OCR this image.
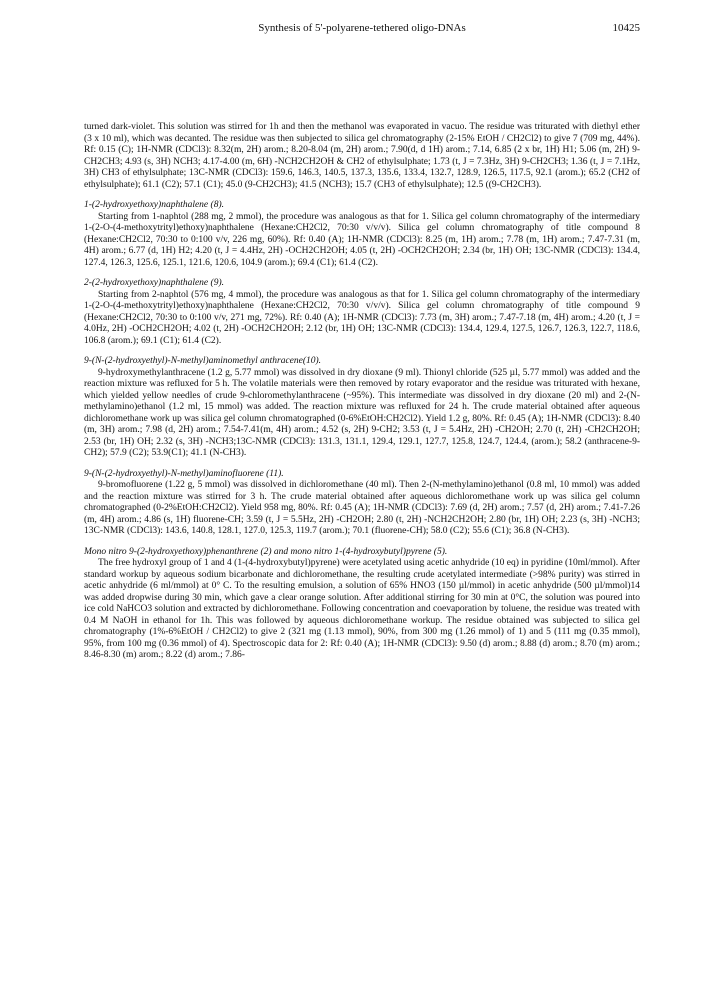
Synthesis of 5'-polyarene-tethered oligo-DNAs	10425

turned dark-violet. This solution was stirred for 1h and then the methanol was evaporated in vacuo. The residue was triturated with diethyl ether (3 x 10 ml), which was decanted. The residue was then subjected to silica gel chromatography (2-15% EtOH / CH2Cl2) to give 7 (709 mg, 44%). Rf: 0.15 (C); 1H-NMR (CDCl3): 8.32(m, 2H) arom.; 8.20-8.04 (m, 2H) arom.; 7.90(d, d 1H) arom.; 7.14, 6.85 (2 x br, 1H) H1; 5.06 (m, 2H) 9-CH2CH3; 4.93 (s, 3H) NCH3; 4.17-4.00 (m, 6H) -NCH2CH2OH & CH2 of ethylsulphate; 1.73 (t, J = 7.3Hz, 3H) 9-CH2CH3; 1.36 (t, J = 7.1Hz, 3H) CH3 of ethylsulphate; 13C-NMR (CDCl3): 159.6, 146.3, 140.5, 137.3, 135.6, 133.4, 132.7, 128.9, 126.5, 117.5, 92.1 (arom.); 65.2 (CH2 of ethylsulphate); 61.1 (C2); 57.1 (C1); 45.0 (9-CH2CH3); 41.5 (NCH3); 15.7 (CH3 of ethylsulphate); 12.5 ((9-CH2CH3).

1-(2-hydroxyethoxy)naphthalene (8).

Starting from 1-naphtol (288 mg, 2 mmol), the procedure was analogous as that for 1. Silica gel column chromatography of the intermediary 1-(2-O-(4-methoxytrityl)ethoxy)naphthalene (Hexane:CH2Cl2, 70:30 v/v/v). Silica gel column chromatography of title compound 8 (Hexane:CH2Cl2, 70:30 to 0:100 v/v, 226 mg, 60%). Rf: 0.40 (A); 1H-NMR (CDCl3): 8.25 (m, 1H) arom.; 7.78 (m, 1H) arom.; 7.47-7.31 (m, 4H) arom.; 6.77 (d, 1H) H2; 4.20 (t, J = 4.4Hz, 2H) -OCH2CH2OH; 4.05 (t, 2H) -OCH2CH2OH; 2.34 (br, 1H) OH; 13C-NMR (CDCl3): 134.4, 127.4, 126.3, 125.6, 125.1, 121.6, 120.6, 104.9 (arom.); 69.4 (C1); 61.4 (C2).

2-(2-hydroxyethoxy)naphthalene (9).

Starting from 2-naphtol (576 mg, 4 mmol), the procedure was analogous as that for 1. Silica gel column chromatography of the intermediary 1-(2-O-(4-methoxytrityl)ethoxy)naphthalene (Hexane:CH2Cl2, 70:30 v/v/v). Silica gel column chromatography of title compound 9 (Hexane:CH2Cl2, 70:30 to 0:100 v/v, 271 mg, 72%). Rf: 0.40 (A); 1H-NMR (CDCl3): 7.73 (m, 3H) arom.; 7.47-7.18 (m, 4H) arom.; 4.20 (t, J = 4.0Hz, 2H) -OCH2CH2OH; 4.02 (t, 2H) -OCH2CH2OH; 2.12 (br, 1H) OH; 13C-NMR (CDCl3): 134.4, 129.4, 127.5, 126.7, 126.3, 122.7, 118.6, 106.8 (arom.); 69.1 (C1); 61.4 (C2).

9-(N-(2-hydroxyethyl)-N-methyl)aminomethyl anthracene(10).

9-hydroxymethylanthracene (1.2 g, 5.77 mmol) was dissolved in dry dioxane (9 ml). Thionyl chloride (525 µl, 5.77 mmol) was added and the reaction mixture was refluxed for 5 h. The volatile materials were then removed by rotary evaporator and the residue was triturated with hexane, which yielded yellow needles of crude 9-chloromethylanthracene (~95%). This intermediate was dissolved in dry dioxane (20 ml) and 2-(N-methylamino)ethanol (1.2 ml, 15 mmol) was added. The reaction mixture was refluxed for 24 h. The crude material obtained after aqueous dichloromethane work up was silica gel column chromatographed (0-6%EtOH:CH2Cl2). Yield 1.2 g, 80%. Rf: 0.45 (A); 1H-NMR (CDCl3): 8.40 (m, 3H) arom.; 7.98 (d, 2H) arom.; 7.54-7.41(m, 4H) arom.; 4.52 (s, 2H) 9-CH2; 3.53 (t, J = 5.4Hz, 2H) -CH2OH; 2.70 (t, 2H) -CH2CH2OH; 2.53 (br, 1H) OH; 2.32 (s, 3H) -NCH3;13C-NMR (CDCl3): 131.3, 131.1, 129.4, 129.1, 127.7, 125.8, 124.7, 124.4, (arom.); 58.2 (anthracene-9-CH2); 57.9 (C2); 53.9(C1); 41.1 (N-CH3).

9-(N-(2-hydroxyethyl)-N-methyl)aminofluorene (11).

9-bromofluorene (1.22 g, 5 mmol) was dissolved in dichloromethane (40 ml). Then 2-(N-methylamino)ethanol (0.8 ml, 10 mmol) was added and the reaction mixture was stirred for 3 h. The crude material obtained after aqueous dichloromethane work up was silica gel column chromatographed (0-2%EtOH:CH2Cl2). Yield 958 mg, 80%. Rf: 0.45 (A); 1H-NMR (CDCl3): 7.69 (d, 2H) arom.; 7.57 (d, 2H) arom.; 7.41-7.26 (m, 4H) arom.; 4.86 (s, 1H) fluorene-CH; 3.59 (t, J = 5.5Hz, 2H) -CH2OH; 2.80 (t, 2H) -NCH2CH2OH; 2.80 (br, 1H) OH; 2.23 (s, 3H) -NCH3; 13C-NMR (CDCl3): 143.6, 140.8, 128.1, 127.0, 125.3, 119.7 (arom.); 70.1 (fluorene-CH); 58.0 (C2); 55.6 (C1); 36.8 (N-CH3).

Mono nitro 9-(2-hydroxyethoxy)phenanthrene (2) and mono nitro 1-(4-hydroxybutyl)pyrene (5).

The free hydroxyl group of 1 and 4 (1-(4-hydroxybutyl)pyrene) were acetylated using acetic anhydride (10 eq) in pyridine (10ml/mmol). After standard workup by aqueous sodium bicarbonate and dichloromethane, the resulting crude acetylated intermediate (>98% purity) was stirred in acetic anhydride (6 ml/mmol) at 0° C. To the resulting emulsion, a solution of 65% HNO3 (150 µl/mmol) in acetic anhydride (500 µl/mmol)14 was added dropwise during 30 min, which gave a clear orange solution. After additional stirring for 30 min at 0°C, the solution was poured into ice cold NaHCO3 solution and extracted by dichloromethane. Following concentration and coevaporation by toluene, the residue was treated with 0.4 M NaOH in ethanol for 1h. This was followed by aqueous dichloromethane workup. The residue obtained was subjected to silica gel chromatography (1%-6%EtOH / CH2Cl2) to give 2 (321 mg (1.13 mmol), 90%, from 300 mg (1.26 mmol) of 1) and 5 (111 mg (0.35 mmol), 95%, from 100 mg (0.36 mmol) of 4). Spectroscopic data for 2: Rf: 0.40 (A); 1H-NMR (CDCl3): 9.50 (d) arom.; 8.88 (d) arom.; 8.70 (m) arom.; 8.46-8.30 (m) arom.; 8.22 (d) arom.; 7.86-
